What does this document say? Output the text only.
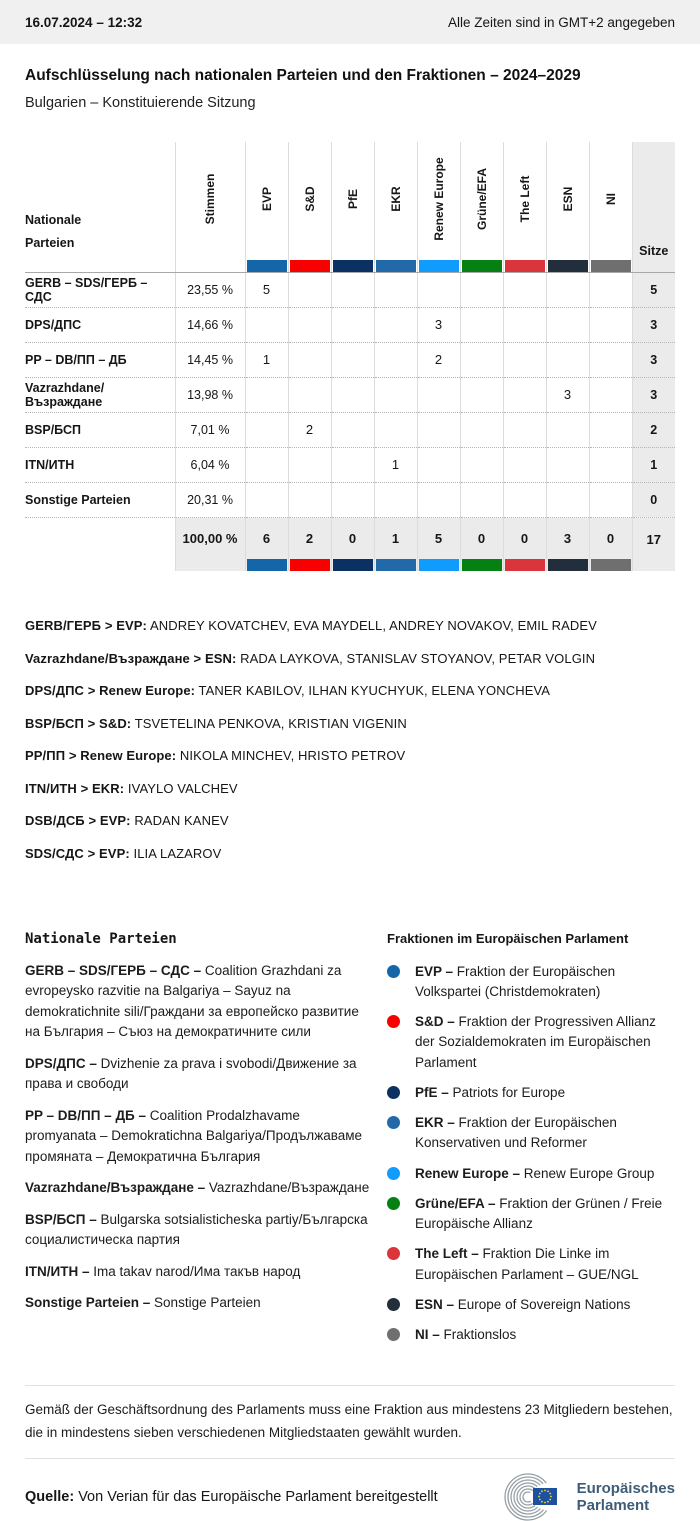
16.07.2024 – 12:32	Alle Zeiten sind in GMT+2 angegeben
Aufschlüsselung nach nationalen Parteien und den Fraktionen – 2024–2029
Bulgarien – Konstituierende Sitzung
Nationale Parteien	Stimmen	EVP	S&D	PfE	EKR	Renew Europe	Grüne/EFA	The Left	ESN	NI	Sitze

GERB – SDS/ГЕРБ – СДС	23,55 %	5									5
DPS/ДПС	14,66 %					3					3
PP – DB/ПП – ДБ	14,45 %	1				2					3
Vazrazhdane/Възраждане	13,98 %								3		3
BSP/БСП	7,01 %		2								2
ITN/ИТН	6,04 %				1						1
Sonstige Parteien	20,31 %										0
	100,00 %	6	2	0	1	5	0	0	3	0	17
GERB/ГЕРБ > EVP: ANDREY KOVATCHEV, EVA MAYDELL, ANDREY NOVAKOV, EMIL RADEV
Vazrazhdane/Възраждане > ESN: RADA LAYKOVA, STANISLAV STOYANOV, PETAR VOLGIN
DPS/ДПС > Renew Europe: TANER KABILOV, ILHAN KYUCHYUK, ELENA YONCHEVA
BSP/БСП > S&D: TSVETELINA PENKOVA, KRISTIAN VIGENIN
PP/ПП > Renew Europe: NIKOLA MINCHEV, HRISTO PETROV
ITN/ИТН > EKR: IVAYLO VALCHEV
DSB/ДСБ > EVP: RADAN KANEV
SDS/СДС > EVP: ILIA LAZAROV
Nationale Parteien
GERB – SDS/ГЕРБ – СДС – Coalition Grazhdani za evropeysko razvitie na Balgariya – Sayuz na demokratichnite sili/Граждани за европейско развитие на България – Съюз на демократичните сили
DPS/ДПС – Dvizhenie za prava i svobodi/Движение за права и свободи
PP – DB/ПП – ДБ – Coalition Prodalzhavame promyanata – Demokratichna Balgariya/Продължаваме промяната – Демократична България
Vazrazhdane/Възраждане – Vazrazhdane/Възраждане
BSP/БСП – Bulgarska sotsialisticheska partiy/Българска социалистическа партия
ITN/ИТН – Ima takav narod/Има такъв народ
Sonstige Parteien – Sonstige Parteien
Fraktionen im Europäischen Parlament
EVP – Fraktion der Europäischen Volkspartei (Christdemokraten)
S&D – Fraktion der Progressiven Allianz der Sozialdemokraten im Europäischen Parlament
PfE – Patriots for Europe
EKR – Fraktion der Europäischen Konservativen und Reformer
Renew Europe – Renew Europe Group
Grüne/EFA – Fraktion der Grünen / Freie Europäische Allianz
The Left – Fraktion Die Linke im Europäischen Parlament – GUE/NGL
ESN – Europe of Sovereign Nations
NI – Fraktionslos

Gemäß der Geschäftsordnung des Parlaments muss eine Fraktion aus mindestens 23 Mitgliedern bestehen, die in mindestens sieben verschiedenen Mitgliedstaaten gewählt wurden.

Quelle: Von Verian für das Europäische Parlament bereitgestellt
Europäisches
Parlament
